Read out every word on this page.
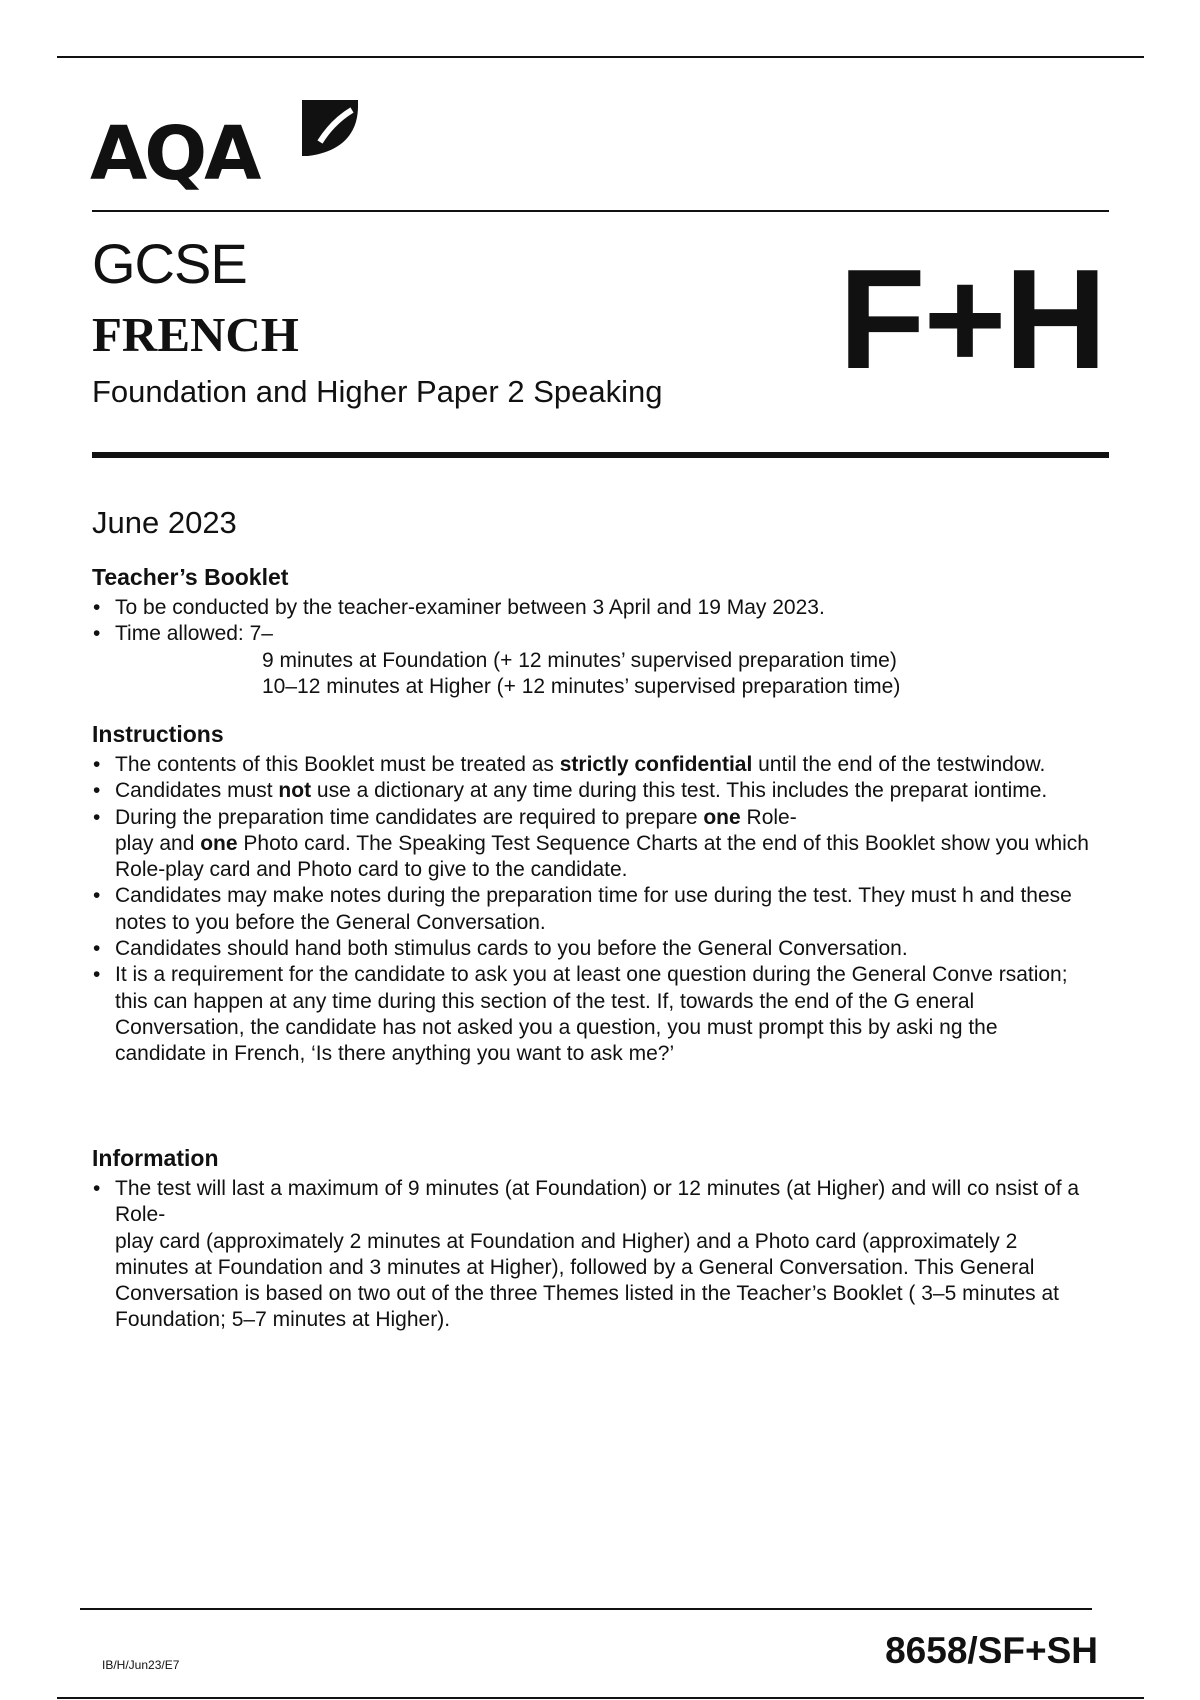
AQA
GCSE
FRENCH
Foundation and Higher Paper 2 Speaking F+H
June 2023
Teacher’s Booklet
• To be conducted by the teacher-examiner between 3 April and 19 May 2023.
• Time allowed: 7–
9 minutes at Foundation (+ 12 minutes’ supervised preparation time)
10–12 minutes at Higher (+ 12 minutes’ supervised preparation time)
Instructions
• The contents of this Booklet must be treated as strictly confidential until the end of the testwindow.
• Candidates must not use a dictionary at any time during this test. This includes the preparat iontime.
• During the preparation time candidates are required to prepare one Role-
play and one Photo card. The Speaking Test Sequence Charts at the end of this Booklet show you which Role-play card and Photo card to give to the candidate.
• Candidates may make notes during the preparation time for use during the test. They must h and these notes to you before the General Conversation.
• Candidates should hand both stimulus cards to you before the General Conversation.
• It is a requirement for the candidate to ask you at least one question during the General Conve rsation; this can happen at any time during this section of the test. If, towards the end of the G eneral Conversation, the candidate has not asked you a question, you must prompt this by aski ng the candidate in French, ‘Is there anything you want to ask me?’
Information
• The test will last a maximum of 9 minutes (at Foundation) or 12 minutes (at Higher) and will co nsist of a Role-
play card (approximately 2 minutes at Foundation and Higher) and a Photo card (approximately 2 minutes at Foundation and 3 minutes at Higher), followed by a General Conversation. This General Conversation is based on two out of the three Themes listed in the Teacher’s Booklet ( 3–5 minutes at Foundation; 5–7 minutes at Higher).
IB/H/Jun23/E7	8658/SF+SH
